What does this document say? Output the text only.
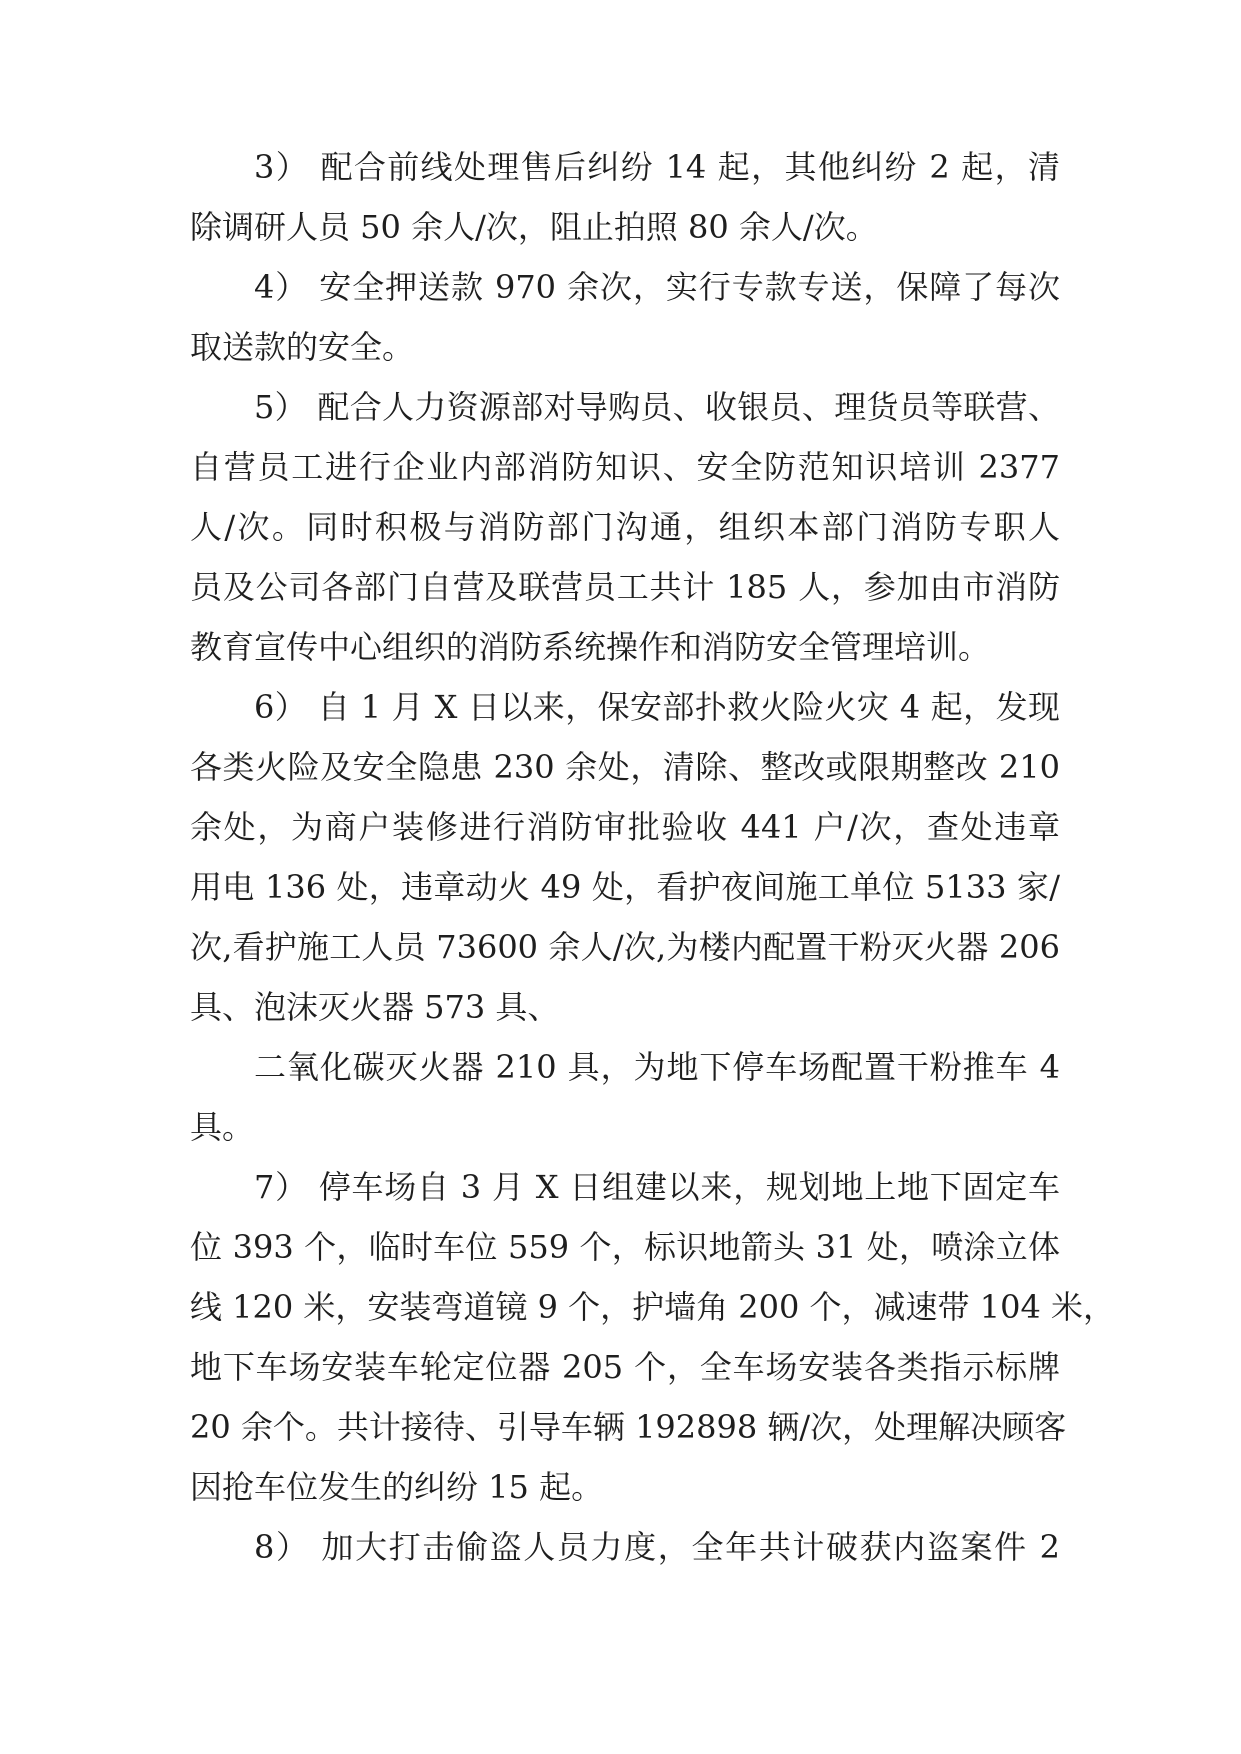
3） 配合前线处理售后纠纷 14 起，其他纠纷 2 起，清
除调研人员 50 余人/次，阻止拍照 80 余人/次。
4） 安全押送款 970 余次，实行专款专送，保障了每次
取送款的安全。
5） 配合人力资源部对导购员、收银员、理货员等联营、
自营员工进行企业内部消防知识、安全防范知识培训 2377
人/次。同时积极与消防部门沟通，组织本部门消防专职人
员及公司各部门自营及联营员工共计 185 人，参加由市消防
教育宣传中心组织的消防系统操作和消防安全管理培训。
6） 自 1 月 X 日以来，保安部扑救火险火灾 4 起，发现
各类火险及安全隐患 230 余处，清除、整改或限期整改 210
余处，为商户装修进行消防审批验收 441 户/次，查处违章
用电 136 处，违章动火 49 处，看护夜间施工单位 5133 家/
次,看护施工人员 73600 余人/次,为楼内配置干粉灭火器 206
具、泡沫灭火器 573 具、
二氧化碳灭火器 210 具，为地下停车场配置干粉推车 4
具。
7） 停车场自 3 月 X 日组建以来，规划地上地下固定车
位 393 个，临时车位 559 个，标识地箭头 31 处，喷涂立体
线 120 米，安装弯道镜 9 个，护墙角 200 个，减速带 104 米，
地下车场安装车轮定位器 205 个，全车场安装各类指示标牌
20 余个。共计接待、引导车辆 192898 辆/次，处理解决顾客
因抢车位发生的纠纷 15 起。
8） 加大打击偷盗人员力度，全年共计破获内盗案件 2
